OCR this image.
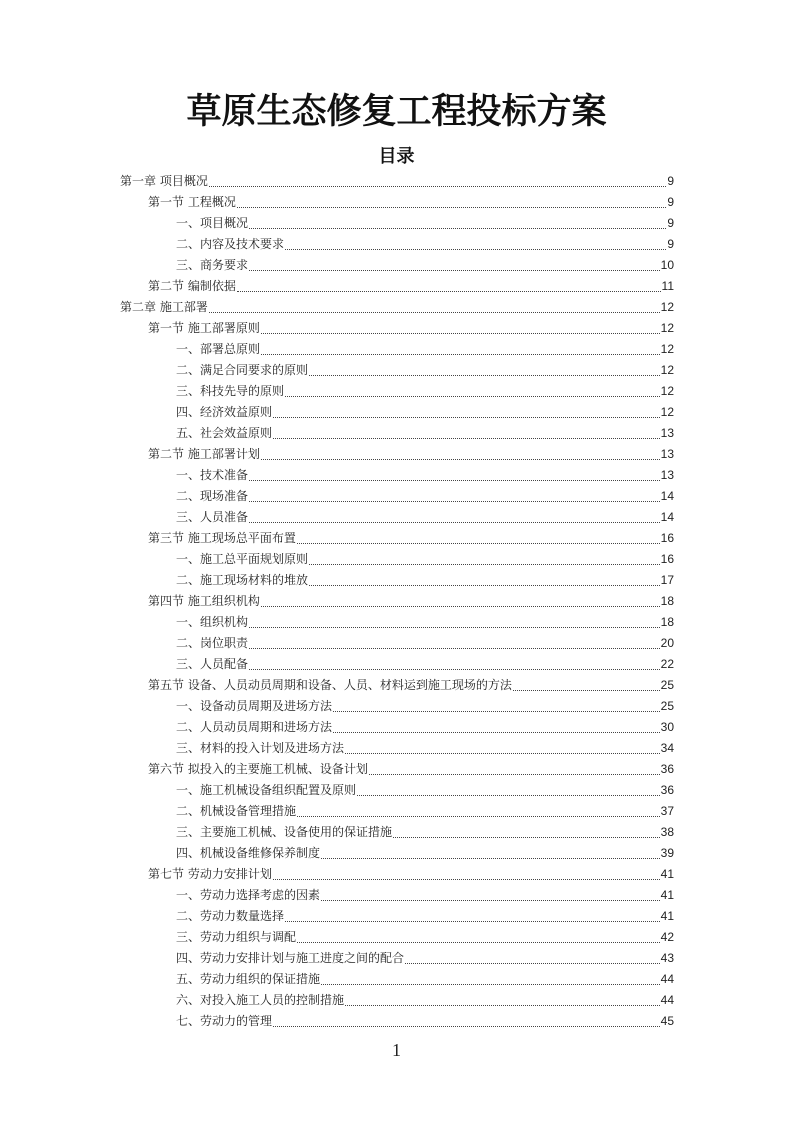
草原生态修复工程投标方案
目录
第一章 项目概况	9
第一节 工程概况	9
一、项目概况	9
二、内容及技术要求	9
三、商务要求	10
第二节 编制依据	11
第二章 施工部署	12
第一节 施工部署原则	12
一、部署总原则	12
二、满足合同要求的原则	12
三、科技先导的原则	12
四、经济效益原则	12
五、社会效益原则	13
第二节 施工部署计划	13
一、技术准备	13
二、现场准备	14
三、人员准备	14
第三节 施工现场总平面布置	16
一、施工总平面规划原则	16
二、施工现场材料的堆放	17
第四节 施工组织机构	18
一、组织机构	18
二、岗位职责	20
三、人员配备	22
第五节 设备、人员动员周期和设备、人员、材料运到施工现场的方法	25
一、设备动员周期及进场方法	25
二、人员动员周期和进场方法	30
三、材料的投入计划及进场方法	34
第六节 拟投入的主要施工机械、设备计划	36
一、施工机械设备组织配置及原则	36
二、机械设备管理措施	37
三、主要施工机械、设备使用的保证措施	38
四、机械设备维修保养制度	39
第七节 劳动力安排计划	41
一、劳动力选择考虑的因素	41
二、劳动力数量选择	41
三、劳动力组织与调配	42
四、劳动力安排计划与施工进度之间的配合	43
五、劳动力组织的保证措施	44
六、对投入施工人员的控制措施	44
七、劳动力的管理	45
1
